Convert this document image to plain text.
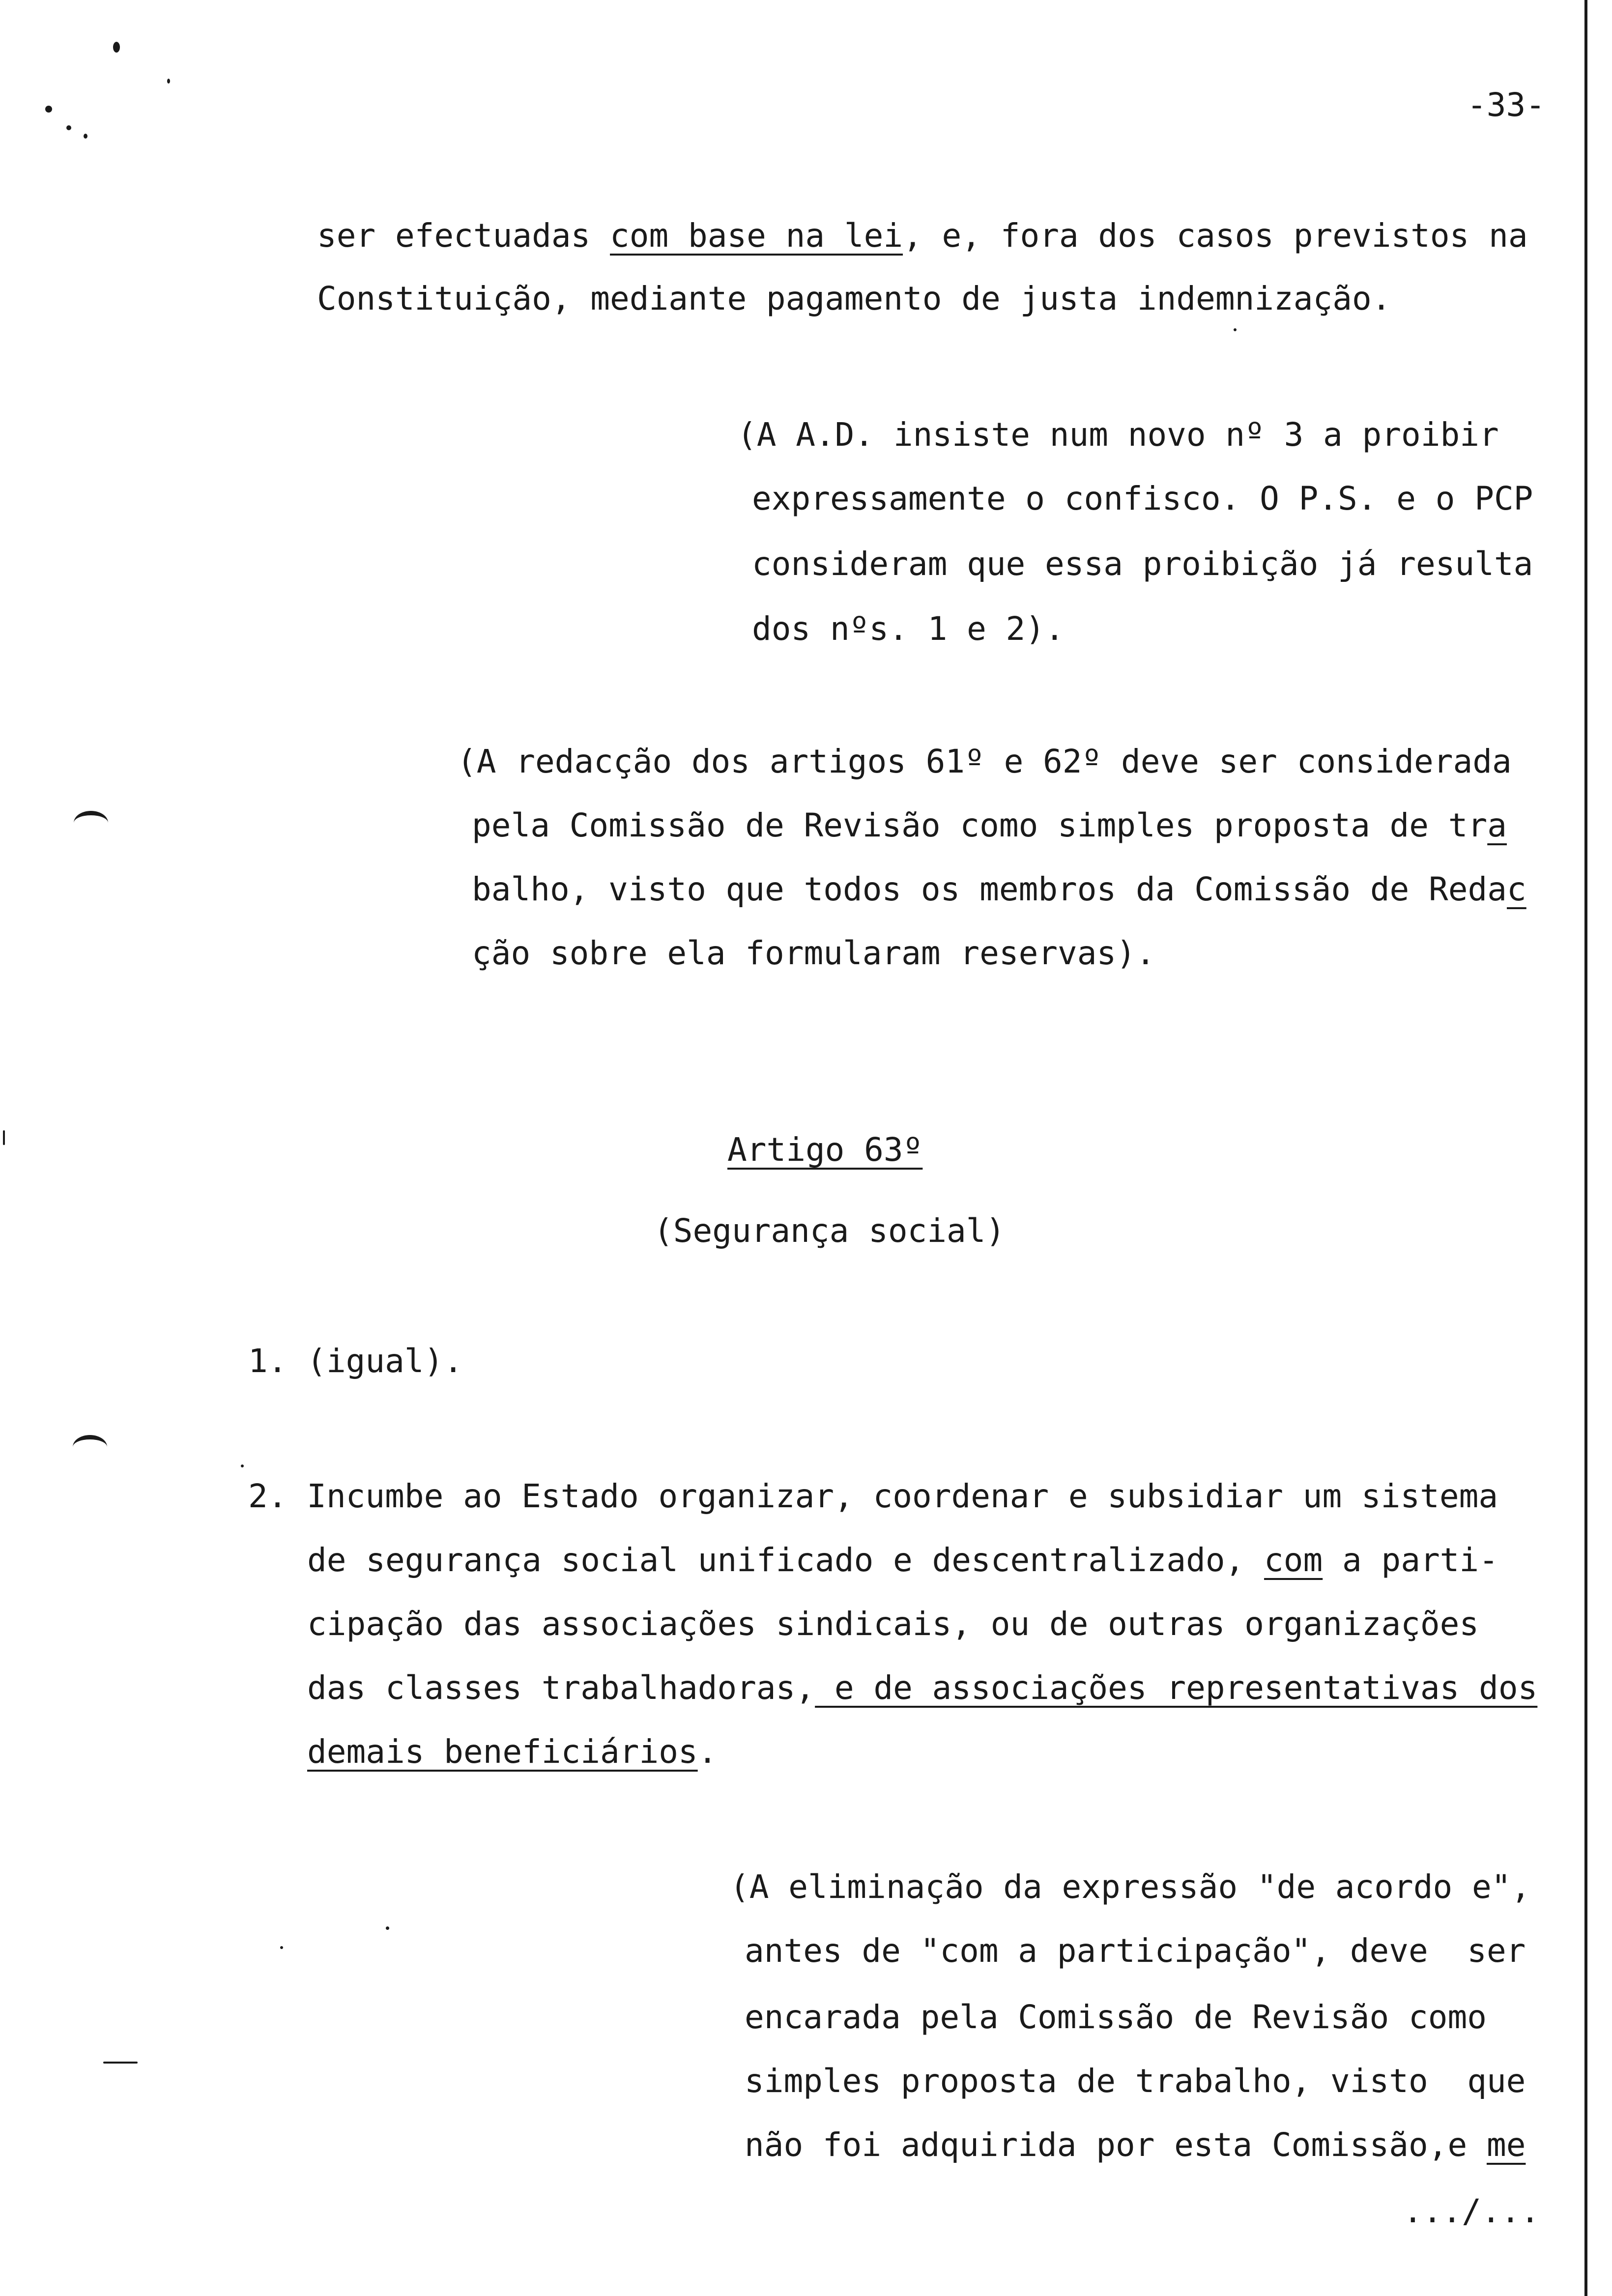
-33-
ser efectuadas com base na lei, e, fora dos casos previstos na
Constituição, mediante pagamento de justa indemnização.
(A A.D. insiste num novo nº 3 a proibir
expressamente o confisco. O P.S. e o PCP
consideram que essa proibição já resulta
dos nºs. 1 e 2).
(A redacção dos artigos 61º e 62º deve ser considerada
pela Comissão de Revisão como simples proposta de tra
balho, visto que todos os membros da Comissão de Redac
ção sobre ela formularam reservas).
Artigo 63º
(Segurança social)
1. (igual).
2. Incumbe ao Estado organizar, coordenar e subsidiar um sistema
de segurança social unificado e descentralizado, com a parti-
cipação das associações sindicais, ou de outras organizações
das classes trabalhadoras, e de associações representativas dos
demais beneficiários.
(A eliminação da expressão "de acordo e",
antes de "com a participação", deve  ser
encarada pela Comissão de Revisão como
simples proposta de trabalho, visto  que
não foi adquirida por esta Comissão,e me
.../...
